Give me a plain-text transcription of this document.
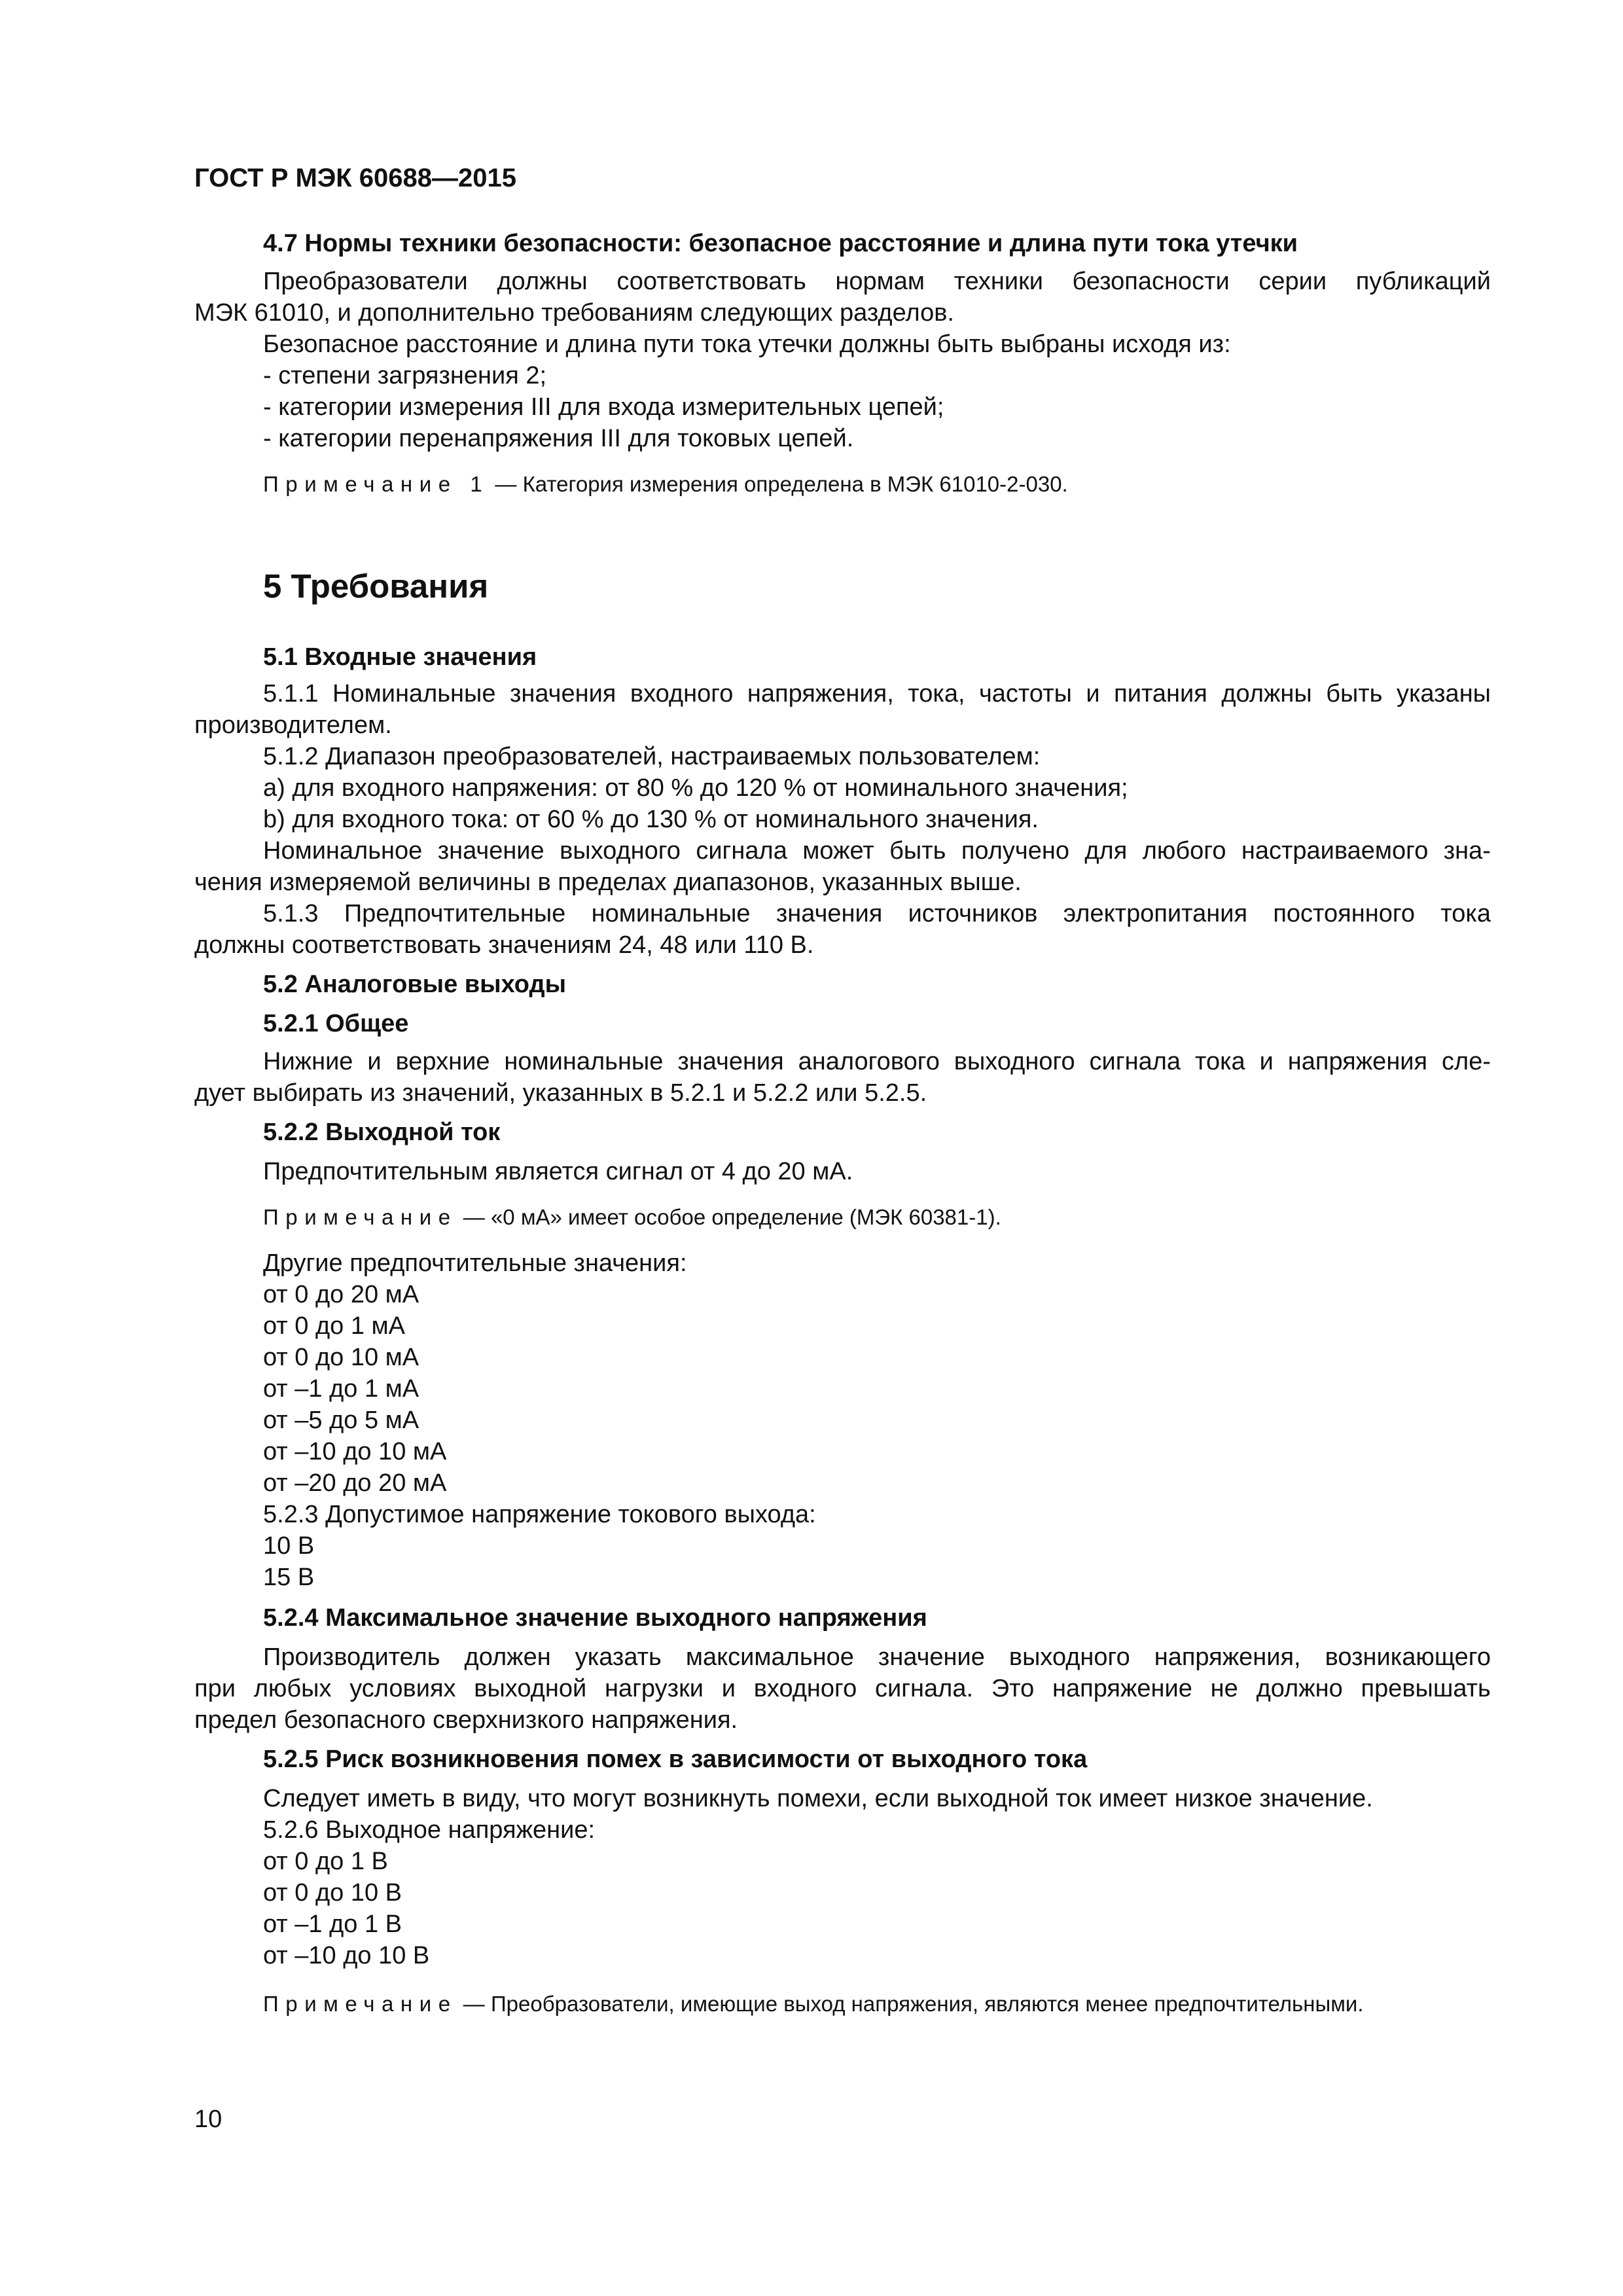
ГОСТ Р МЭК 60688—2015
4.7 Нормы техники безопасности: безопасное расстояние и длина пути тока утечки
Преобразователи должны соответствовать нормам техники безопасности серии публикаций
МЭК 61010, и дополнительно требованиям следующих разделов.
Безопасное расстояние и длина пути тока утечки должны быть выбраны исходя из:
- степени загрязнения 2;
- категории измерения III для входа измерительных цепей;
- категории перенапряжения III для токовых цепей.
Примечание 1 — Категория измерения определена в МЭК 61010-2-030.
5 Требования
5.1 Входные значения
5.1.1 Номинальные значения входного напряжения, тока, частоты и питания должны быть указаны
производителем.
5.1.2 Диапазон преобразователей, настраиваемых пользователем:
a) для входного напряжения: от 80 % до 120 % от номинального значения;
b) для входного тока: от 60 % до 130 % от номинального значения.
Номинальное значение выходного сигнала может быть получено для любого настраиваемого зна-
чения измеряемой величины в пределах диапазонов, указанных выше.
5.1.3 Предпочтительные номинальные значения источников электропитания постоянного тока
должны соответствовать значениям 24, 48 или 110 В.
5.2 Аналоговые выходы
5.2.1 Общее
Нижние и верхние номинальные значения аналогового выходного сигнала тока и напряжения сле-
дует выбирать из значений, указанных в 5.2.1 и 5.2.2 или 5.2.5.
5.2.2 Выходной ток
Предпочтительным является сигнал от 4 до 20 мА.
Примечание — «0 мА» имеет особое определение (МЭК 60381-1).
Другие предпочтительные значения:
от 0 до 20 мА
от 0 до 1 мА
от 0 до 10 мА
от –1 до 1 мА
от –5 до 5 мА
от –10 до 10 мА
от –20 до 20 мА
5.2.3 Допустимое напряжение токового выхода:
10 В
15 В
5.2.4 Максимальное значение выходного напряжения
Производитель должен указать максимальное значение выходного напряжения, возникающего
при любых условиях выходной нагрузки и входного сигнала. Это напряжение не должно превышать
предел безопасного сверхнизкого напряжения.
5.2.5 Риск возникновения помех в зависимости от выходного тока
Следует иметь в виду, что могут возникнуть помехи, если выходной ток имеет низкое значение.
5.2.6 Выходное напряжение:
от 0 до 1 В
от 0 до 10 В
от –1 до 1 В
от –10 до 10 В
Примечание — Преобразователи, имеющие выход напряжения, являются менее предпочтительными.
10
